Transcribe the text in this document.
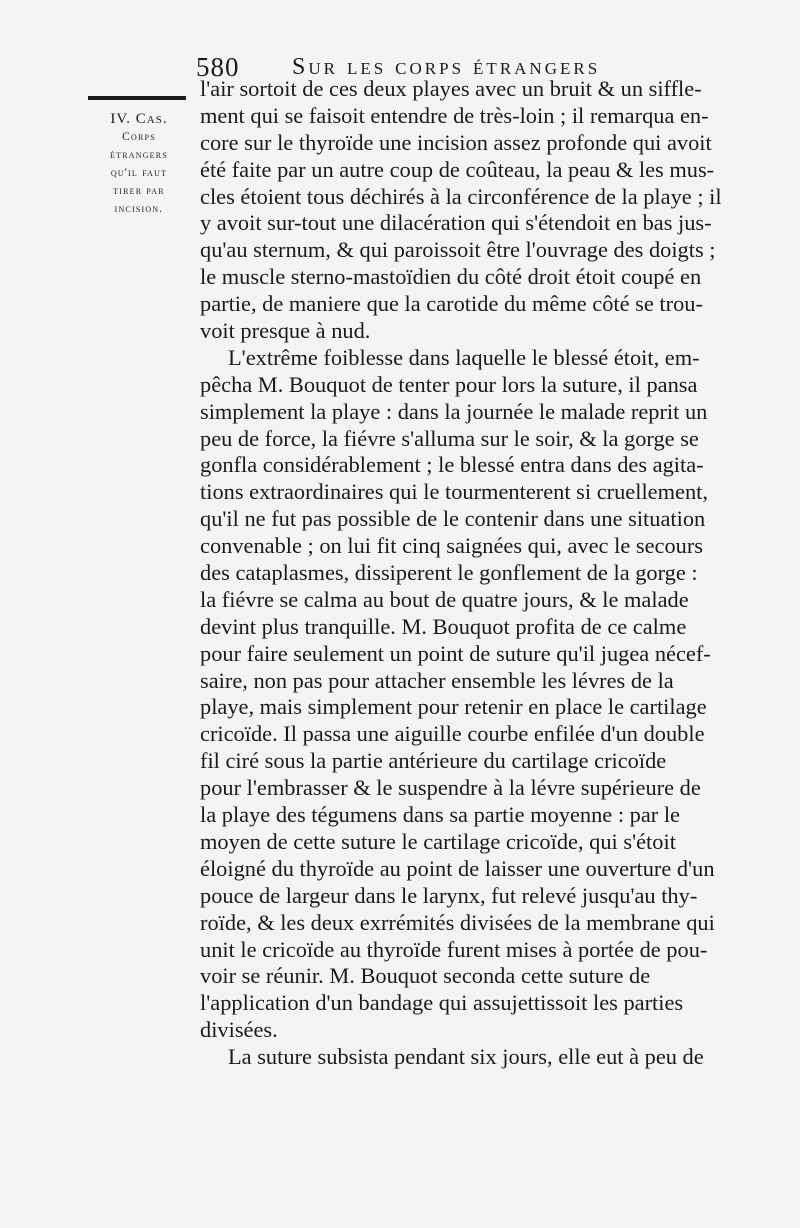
580 Sur les corps étrangers
IV. Cas.
Corps
étrangers
qu'il faut
tirer par
incision.
l'air sortoit de ces deux playes avec un bruit & un siffle-
ment qui se faisoit entendre de très-loin ; il remarqua en-
core sur le thyroïde une incision assez profonde qui avoit
été faite par un autre coup de coûteau, la peau & les mus-
cles étoient tous déchirés à la circonférence de la playe ; il
y avoit sur-tout une dilacération qui s'étendoit en bas jus-
qu'au sternum, & qui paroissoit être l'ouvrage des doigts ;
le muscle sterno-mastoïdien du côté droit étoit coupé en
partie, de maniere que la carotide du même côté se trou-
voit presque à nud.
L'extrême foiblesse dans laquelle le blessé étoit, em-
pêcha M. Bouquot de tenter pour lors la suture, il pansa
simplement la playe : dans la journée le malade reprit un
peu de force, la fiévre s'alluma sur le soir, & la gorge se
gonfla considérablement ; le blessé entra dans des agita-
tions extraordinaires qui le tourmenterent si cruellement,
qu'il ne fut pas possible de le contenir dans une situation
convenable ; on lui fit cinq saignées qui, avec le secours
des cataplasmes, dissiperent le gonflement de la gorge :
la fiévre se calma au bout de quatre jours, & le malade
devint plus tranquille. M. Bouquot profita de ce calme
pour faire seulement un point de suture qu'il jugea nécef-
saire, non pas pour attacher ensemble les lévres de la
playe, mais simplement pour retenir en place le cartilage
cricoïde. Il passa une aiguille courbe enfilée d'un double
fil ciré sous la partie antérieure du cartilage cricoïde
pour l'embrasser & le suspendre à la lévre supérieure de
la playe des tégumens dans sa partie moyenne : par le
moyen de cette suture le cartilage cricoïde, qui s'étoit
éloigné du thyroïde au point de laisser une ouverture d'un
pouce de largeur dans le larynx, fut relevé jusqu'au thy-
roïde, & les deux exrrémités divisées de la membrane qui
unit le cricoïde au thyroïde furent mises à portée de pou-
voir se réunir. M. Bouquot seconda cette suture de
l'application d'un bandage qui assujettissoit les parties
divisées.
La suture subsista pendant six jours, elle eut à peu de
